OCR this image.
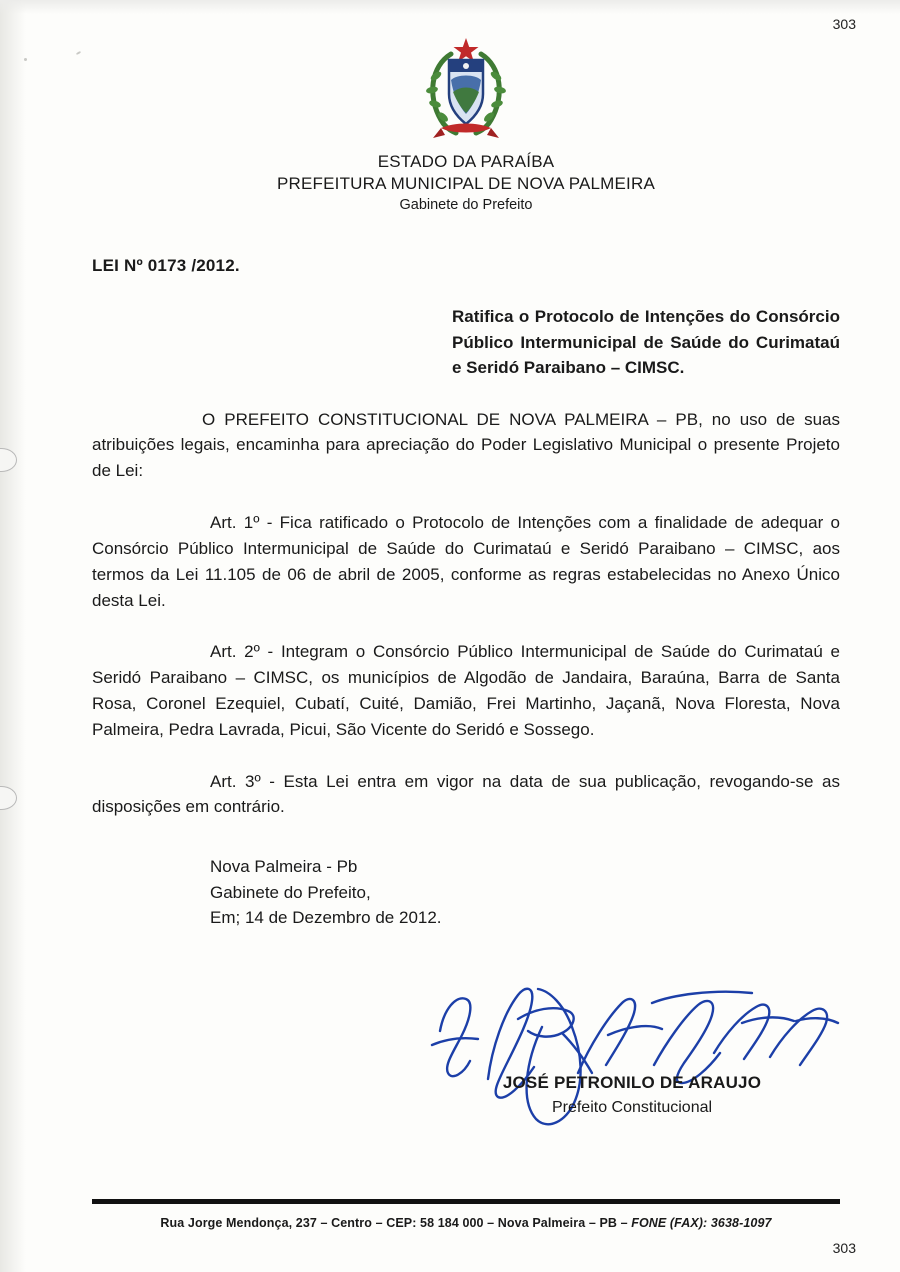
303
303
ESTADO DA PARAÍBA
PREFEITURA MUNICIPAL DE NOVA PALMEIRA
Gabinete do Prefeito
LEI Nº 0173 /2012.
Ratifica o Protocolo de Intenções do Consórcio Público Intermunicipal de Saúde do Curimataú e Seridó Paraibano – CIMSC.
O PREFEITO CONSTITUCIONAL DE NOVA PALMEIRA – PB, no uso de suas atribuições legais, encaminha para apreciação do Poder Legislativo Municipal o presente Projeto de Lei:
Art. 1º - Fica ratificado o Protocolo de Intenções com a finalidade de adequar o Consórcio Público Intermunicipal de Saúde do Curimataú e Seridó Paraibano – CIMSC, aos termos da Lei 11.105 de 06 de abril de 2005, conforme as regras estabelecidas no Anexo Único desta Lei.
Art. 2º - Integram o Consórcio Público Intermunicipal de Saúde do Curimataú e Seridó Paraibano – CIMSC, os municípios de Algodão de Jandaira, Baraúna, Barra de Santa Rosa, Coronel Ezequiel, Cubatí, Cuité, Damião, Frei Martinho, Jaçanã, Nova Floresta, Nova Palmeira, Pedra Lavrada, Picui, São Vicente do Seridó e Sossego.
Art. 3º - Esta Lei entra em vigor na data de sua publicação, revogando-se as disposições em contrário.
Nova Palmeira - Pb
Gabinete do Prefeito,
Em; 14 de Dezembro de 2012.
JOSÉ PETRONILO DE ARAUJO
Prefeito Constitucional
Rua Jorge Mendonça, 237 – Centro – CEP: 58 184 000 – Nova Palmeira – PB – FONE (FAX): 3638-1097
